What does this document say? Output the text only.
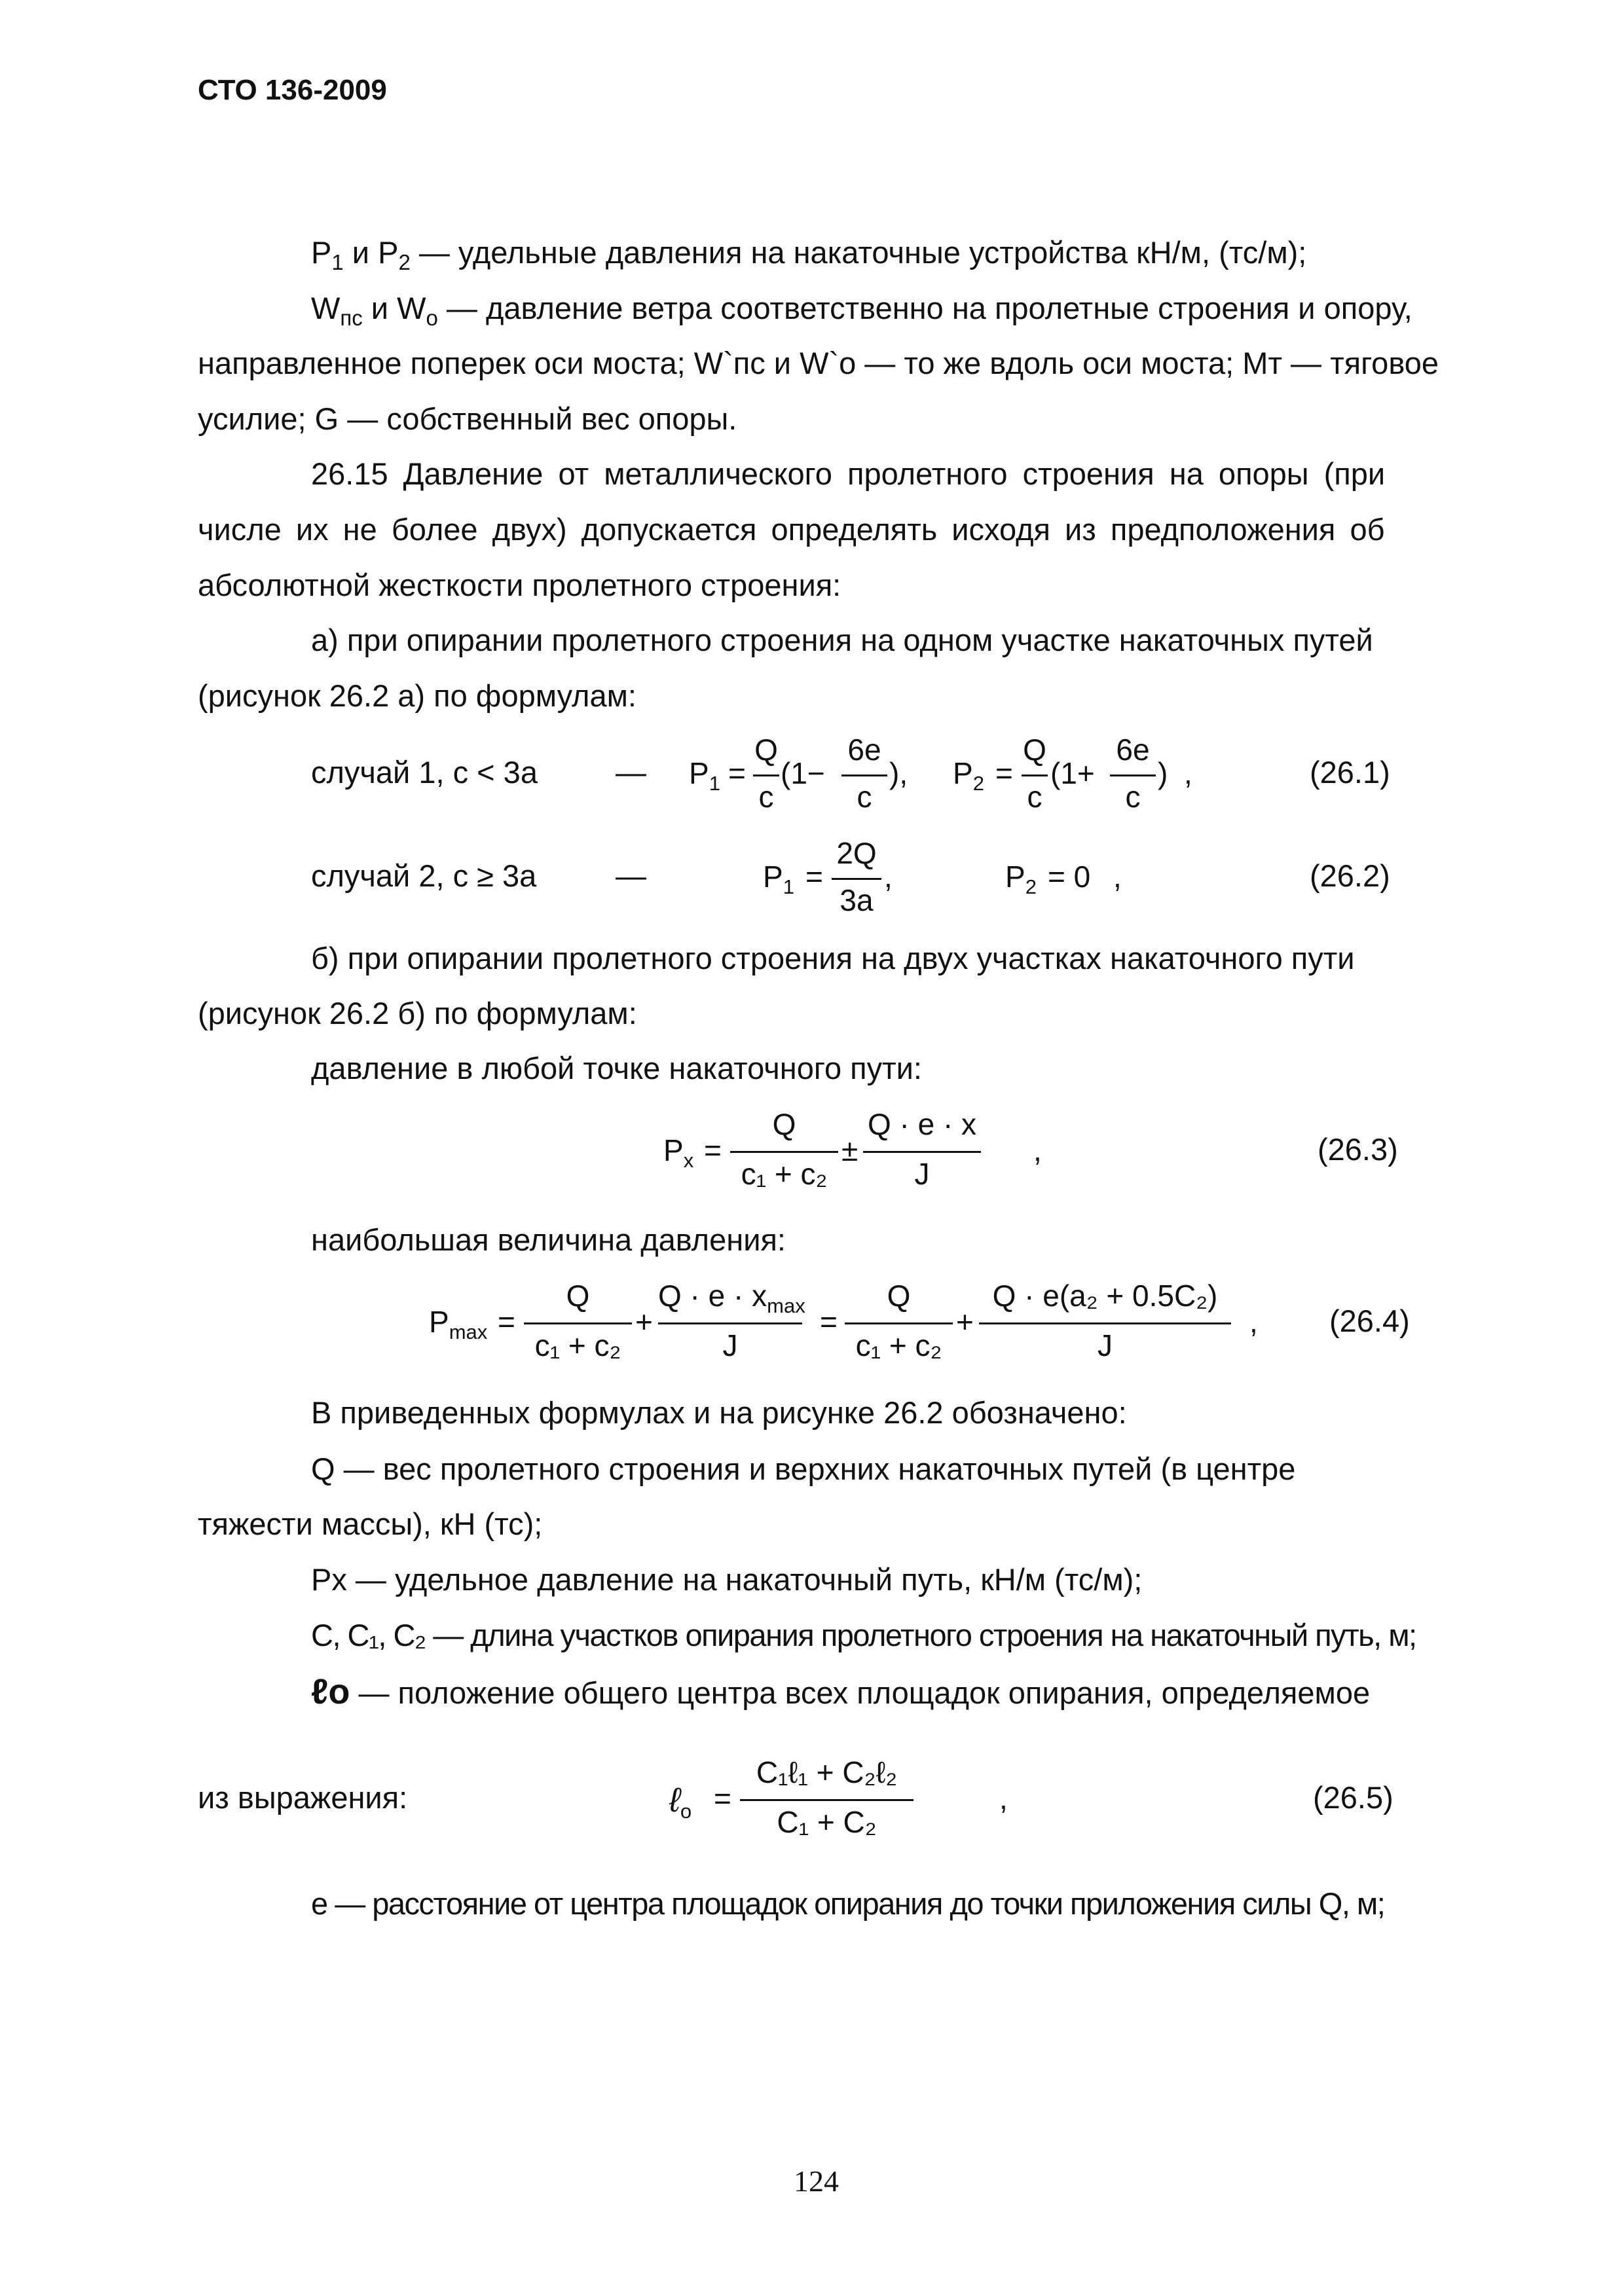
СТО 136-2009
$P_1$ и $P_2$ — удельные давления на накаточные устройства кН/м, (тс/м);
$W_{пс}$ и $W_о$ — давление ветра соответственно на пролетные строения и опору,
направленное поперек оси моста; W`пс и W`о — то же вдоль оси моста; Мт — тяговое
усилие; G — собственный вес опоры.
26.15 Давление от металлического пролетного строения на опоры (при
числе их не более двух) допускается определять исходя из предположения об
абсолютной жесткости пролетного строения:
а) при опирании пролетного строения на одном участке накаточных путей
(рисунок 26.2 а) по формулам:
случай 1, c < 3a	— $P_1$ =
Q
c
(1−
6e
c
), $P_2$ =
Q
c
(1+
6e
c
) ,	(26.1)
случай 2, c ≥ 3a	—	$P_1$ =
2Q
3a
,	$P_2 = 0$ ,	(26.2)
б) при опирании пролетного строения на двух участках накаточного пути
(рисунок 26.2 б) по формулам:
давление в любой точке накаточного пути:
$P_x$ =
Q
c₁ + c₂
±
Q · e · x
J
,	(26.3)
наибольшая величина давления:
$P_{max}$ =
Q
c₁ + c₂
+
$Q \cdot e \cdot x_{max}$
J
=
Q
c₁ + c₂
+
Q · e(a₂ + 0.5C₂)
J
, (26.4)
В приведенных формулах и на рисунке 26.2 обозначено:
Q — вес пролетного строения и верхних накаточных путей (в центре
тяжести массы), кН (тс);
Px — удельное давление на накаточный путь, кН/м (тс/м);
C, C₁, C₂ — длина участков опирания пролетного строения на накаточный путь, м;
ℓо — положение общего центра всех площадок опирания, определяемое
из выражения:	ℓ$_о$ =
C₁ℓ₁ + C₂ℓ₂
C₁ + C₂
,	(26.5)
e — расстояние от центра площадок опирания до точки приложения силы Q, м;
124
